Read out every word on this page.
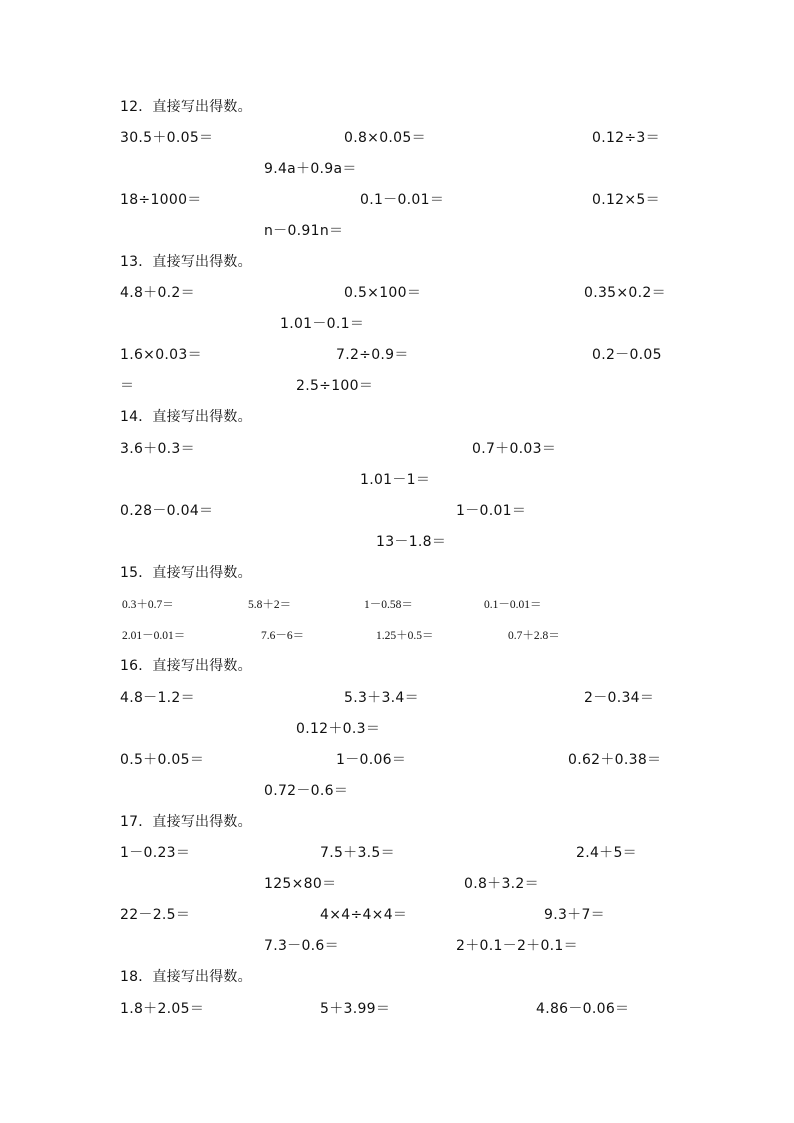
12．直接写出得数。
30.5＋0.05＝	0.8×0.05＝	0.12÷3＝
9.4a＋0.9a＝
18÷1000＝	0.1－0.01＝	0.12×5＝
n－0.91n＝
13．直接写出得数。
4.8＋0.2＝	0.5×100＝	0.35×0.2＝
1.01－0.1＝
1.6×0.03＝	7.2÷0.9＝	0.2－0.05
＝	2.5÷100＝
14．直接写出得数。
3.6＋0.3＝	0.7＋0.03＝
1.01－1＝
0.28－0.04＝	1－0.01＝
13－1.8＝
15．直接写出得数。
0.3＋0.7＝	5.8＋2＝	1－0.58＝	0.1－0.01＝
2.01－0.01＝	7.6－6＝	1.25＋0.5＝	0.7＋2.8＝
16．直接写出得数。
4.8－1.2＝	5.3＋3.4＝	2－0.34＝
0.12＋0.3＝
0.5＋0.05＝	1－0.06＝	0.62＋0.38＝
0.72－0.6＝
17．直接写出得数。
1－0.23＝	7.5＋3.5＝	2.4＋5＝
125×80＝	0.8＋3.2＝
22－2.5＝	4×4÷4×4＝	9.3＋7＝
7.3－0.6＝	2＋0.1－2＋0.1＝
18．直接写出得数。
1.8＋2.05＝	5＋3.99＝	4.86－0.06＝
